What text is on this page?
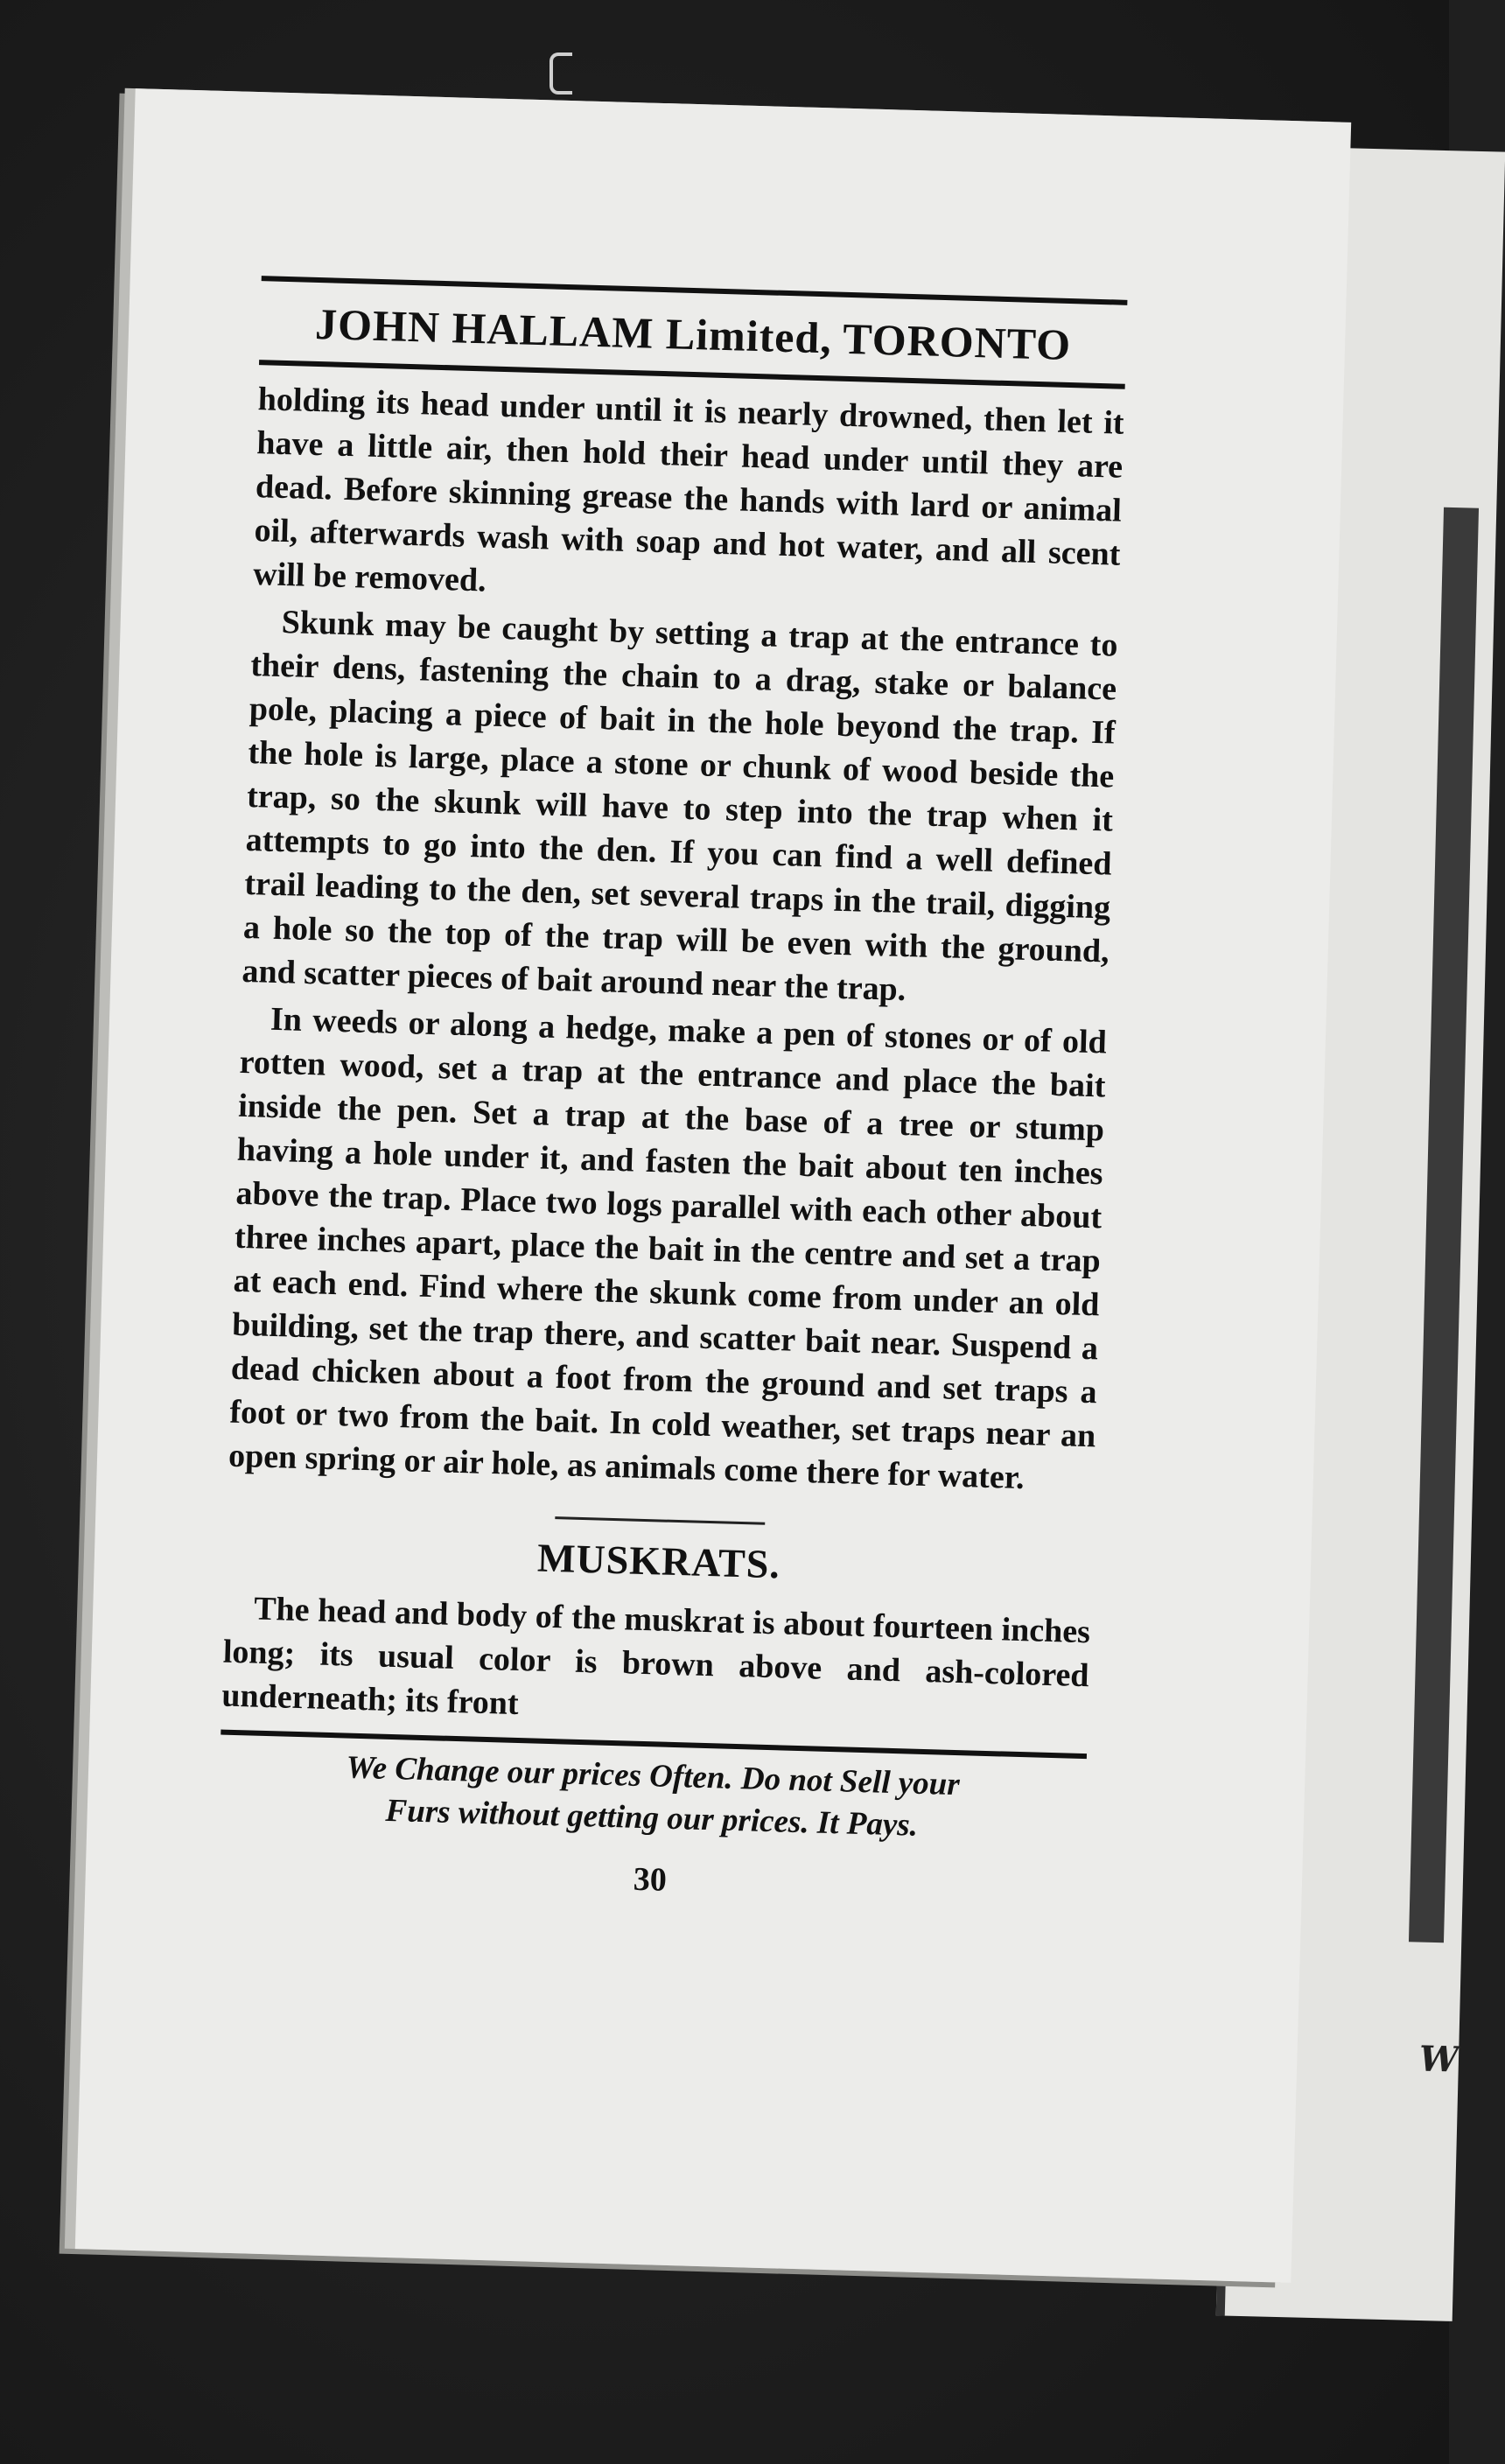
W
JOHN HALLAM Limited, TORONTO

holding its head under until it is nearly drowned, then let it have a little air, then hold their head under until they are dead. Before skinning grease the hands with lard or animal oil, afterwards wash with soap and hot water, and all scent will be removed.

Skunk may be caught by setting a trap at the entrance to their dens, fastening the chain to a drag, stake or balance pole, placing a piece of bait in the hole beyond the trap. If the hole is large, place a stone or chunk of wood beside the trap, so the skunk will have to step into the trap when it attempts to go into the den. If you can find a well defined trail leading to the den, set several traps in the trail, digging a hole so the top of the trap will be even with the ground, and scatter pieces of bait around near the trap.

In weeds or along a hedge, make a pen of stones or of old rotten wood, set a trap at the entrance and place the bait inside the pen. Set a trap at the base of a tree or stump having a hole under it, and fasten the bait about ten inches above the trap. Place two logs parallel with each other about three inches apart, place the bait in the centre and set a trap at each end. Find where the skunk come from under an old building, set the trap there, and scatter bait near. Suspend a dead chicken about a foot from the ground and set traps a foot or two from the bait. In cold weather, set traps near an open spring or air hole, as animals come there for water.

MUSKRATS.

The head and body of the muskrat is about fourteen inches long; its usual color is brown above and ash-colored underneath; its front

We Change our prices Often. Do not Sell your
Furs without getting our prices. It Pays.
30
